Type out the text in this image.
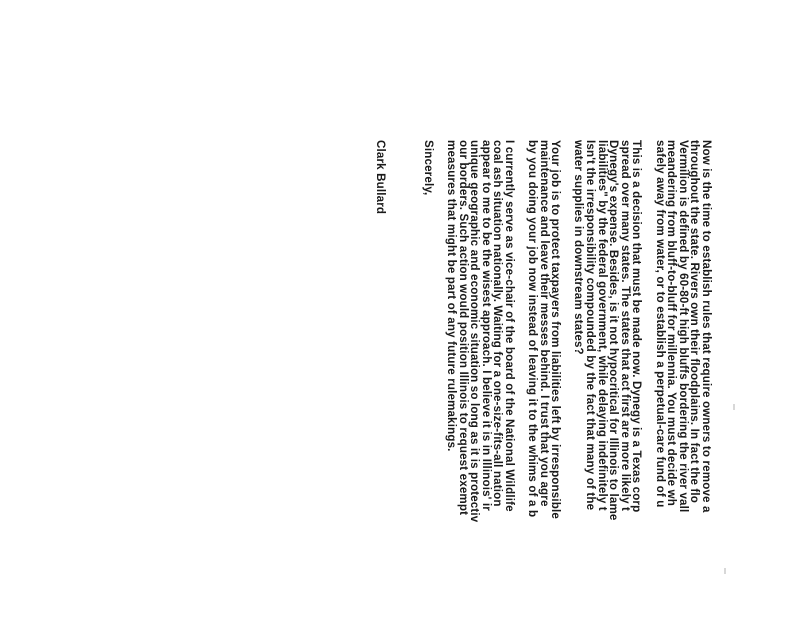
Now is the time to establish rules that require owners to remove a
throughout the state. Rivers own their floodplains. In fact the flo
Vermilion is defined by 60-80-ft high bluffs bordering the river vall
meandering from bluff-to-bluff for millennia. You must decide wh
safely away from water, or to establish a perpetual-care fund of u
This is a decision that must be made now. Dynegy is a Texas corp
spread over many states. The states that act first are more likely t
Dynegy's expense. Besides, is it not hypocritical for Illinois to lame
liabilities" by the federal government, while delaying indefinitely t
Isn't the irresponsibility compounded by the fact that many of the
water supplies in downstream states?
Your job is to protect taxpayers from liabilities left by irresponsible
maintenance and leave their messes behind. I trust that you agre
by you doing your job now instead of leaving it to the whims of a b
I currently serve as vice-chair of the board of the National Wildlife
coal ash situation nationally. Waiting for a one-size-fits-all nation
appear to me to be the wisest approach. I believe it is in Illinois' ir
unique geographic and economic situation so long as it is protectiv
our borders. Such action would position Illinois to request exempt
measures that might be part of any future rulemakings.
Sincerely,
Clark Bullard
